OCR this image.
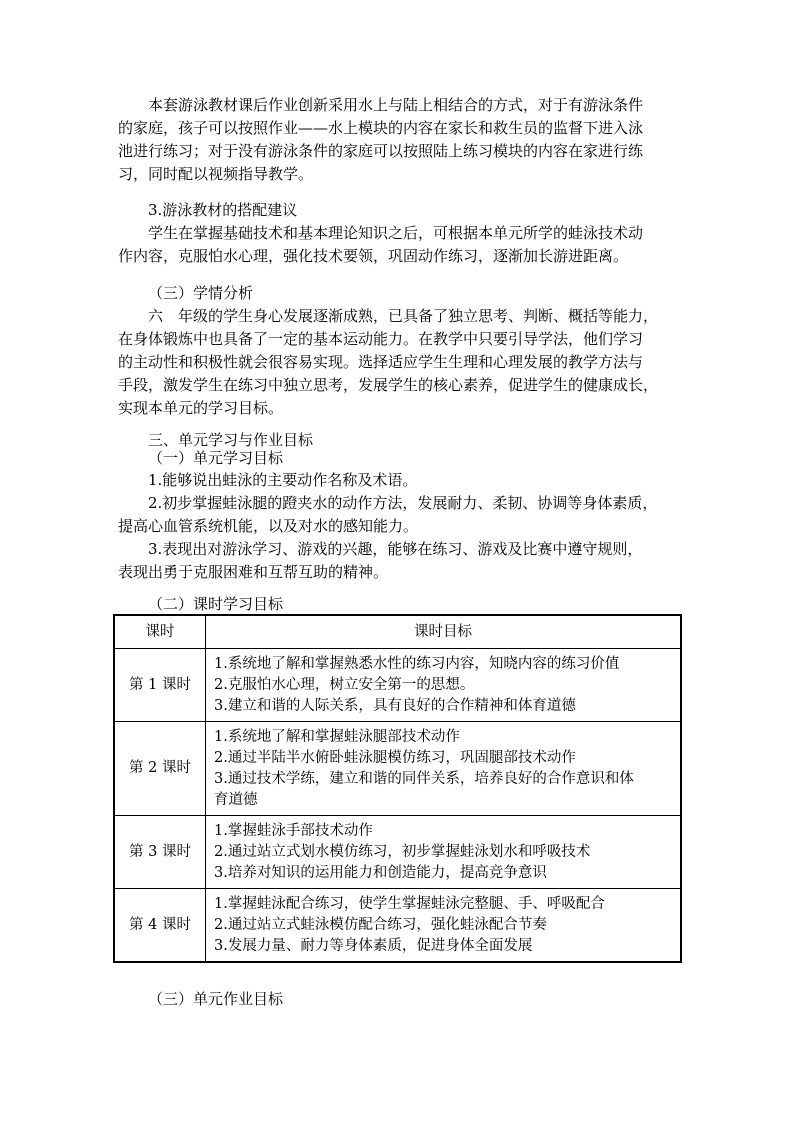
本套游泳教材课后作业创新采用水上与陆上相结合的方式，对于有游泳条件
的家庭，孩子可以按照作业——水上模块的内容在家长和救生员的监督下进入泳
池进行练习；对于没有游泳条件的家庭可以按照陆上练习模块的内容在家进行练
习，同时配以视频指导教学。
3.游泳教材的搭配建议
学生在掌握基础技术和基本理论知识之后，可根据本单元所学的蛙泳技术动
作内容，克服怕水心理，强化技术要领，巩固动作练习，逐渐加长游进距离。
（三）学情分析
六　年级的学生身心发展逐渐成熟，已具备了独立思考、判断、概括等能力，
在身体锻炼中也具备了一定的基本运动能力。在教学中只要引导学法，他们学习
的主动性和积极性就会很容易实现。选择适应学生生理和心理发展的教学方法与
手段，激发学生在练习中独立思考，发展学生的核心素养，促进学生的健康成长，
实现本单元的学习目标。
三、单元学习与作业目标
（一）单元学习目标
1.能够说出蛙泳的主要动作名称及术语。
2.初步掌握蛙泳腿的蹬夹水的动作方法，发展耐力、柔韧、协调等身体素质，
提高心血管系统机能，以及对水的感知能力。
3.表现出对游泳学习、游戏的兴趣，能够在练习、游戏及比赛中遵守规则，
表现出勇于克服困难和互帮互助的精神。
（二）课时学习目标
课时	课时目标
第 1 课时	1.系统地了解和掌握熟悉水性的练习内容，知晓内容的练习价值
2.克服怕水心理，树立安全第一的思想。
3.建立和谐的人际关系，具有良好的合作精神和体育道德

第 2 课时	1.系统地了解和掌握蛙泳腿部技术动作
2.通过半陆半水俯卧蛙泳腿模仿练习，巩固腿部技术动作
3.通过技术学练，建立和谐的同伴关系，培养良好的合作意识和体
育道德

第 3 课时	1.掌握蛙泳手部技术动作
2.通过站立式划水模仿练习，初步掌握蛙泳划水和呼吸技术
3.培养对知识的运用能力和创造能力，提高竞争意识

第 4 课时	1.掌握蛙泳配合练习，使学生掌握蛙泳完整腿、手、呼吸配合
2.通过站立式蛙泳模仿配合练习，强化蛙泳配合节奏
3.发展力量、耐力等身体素质，促进身体全面发展
（三）单元作业目标
